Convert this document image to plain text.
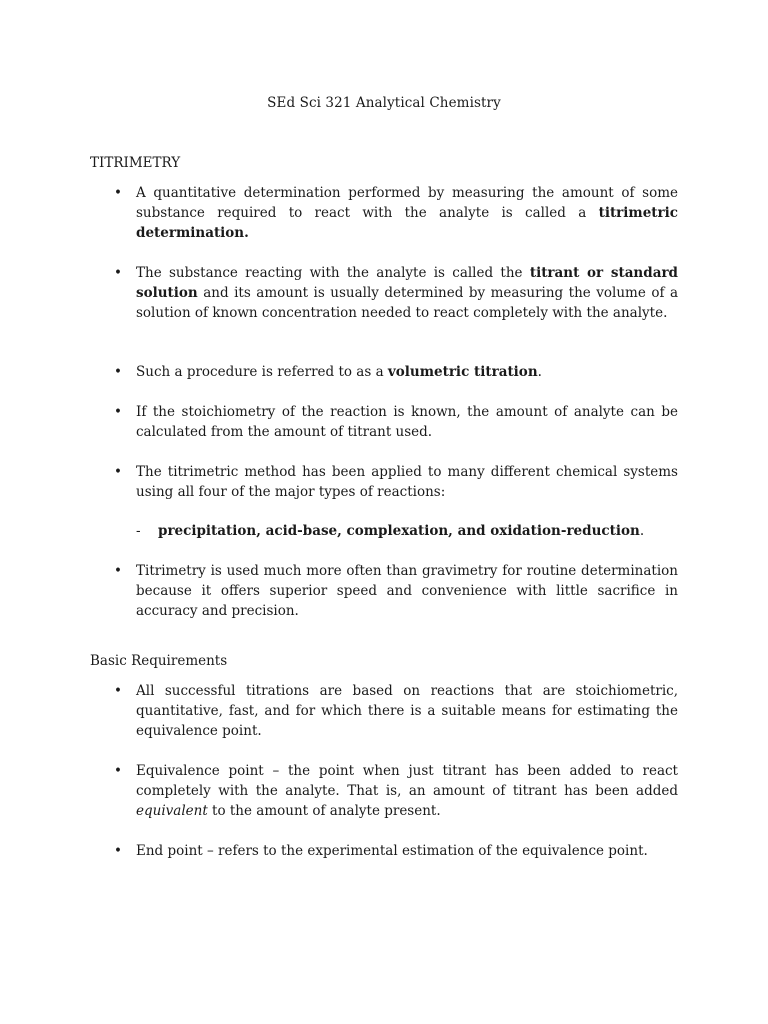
SEd Sci 321 Analytical Chemistry
TITRIMETRY
• A quantitative determination performed by measuring the amount of some substance required to react with the analyte is called a titrimetric determination.
• The substance reacting with the analyte is called the titrant or standard solution and its amount is usually determined by measuring the volume of a solution of known concentration needed to react completely with the analyte.
• Such a procedure is referred to as a volumetric titration.
• If the stoichiometry of the reaction is known, the amount of analyte can be calculated from the amount of titrant used.
• The titrimetric method has been applied to many different chemical systems using all four of the major types of reactions:
- precipitation, acid-base, complexation, and oxidation-reduction.
• Titrimetry is used much more often than gravimetry for routine determination because it offers superior speed and convenience with little sacrifice in accuracy and precision.
Basic Requirements
• All successful titrations are based on reactions that are stoichiometric, quantitative, fast, and for which there is a suitable means for estimating the equivalence point.
• Equivalence point – the point when just titrant has been added to react completely with the analyte. That is, an amount of titrant has been added equivalent to the amount of analyte present.
• End point – refers to the experimental estimation of the equivalence point.
